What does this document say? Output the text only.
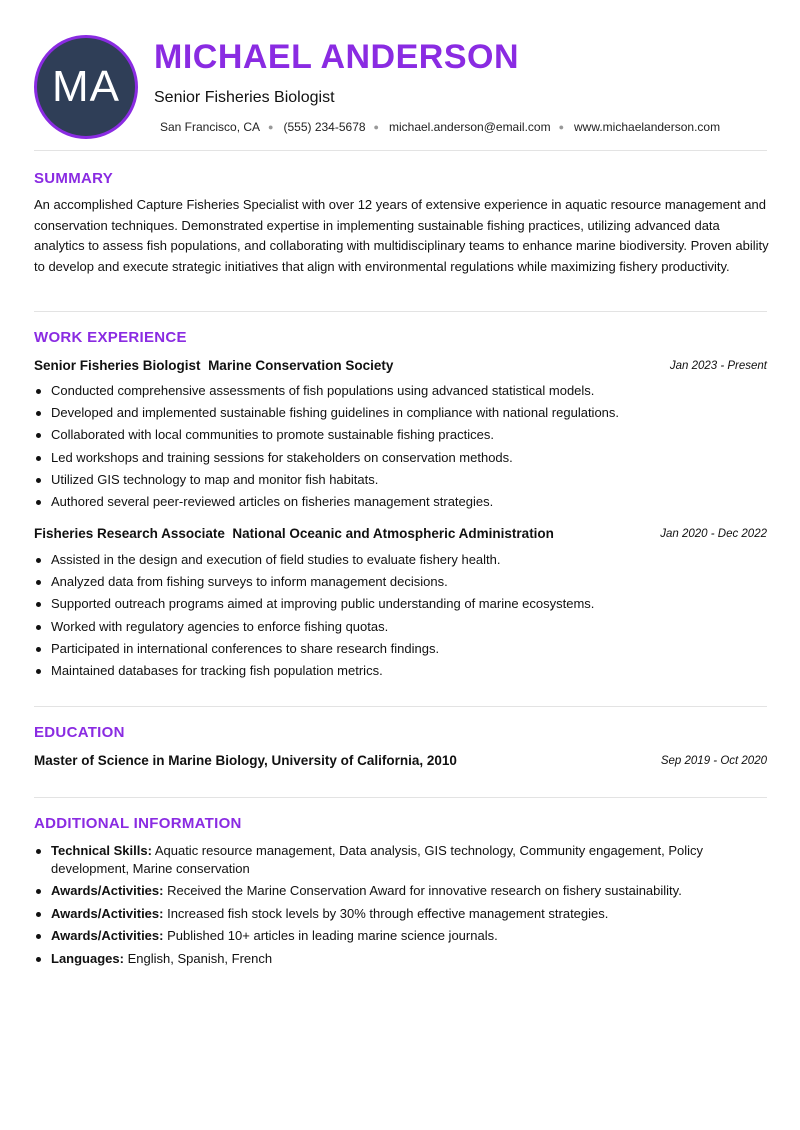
MA
MICHAEL ANDERSON
Senior Fisheries Biologist
San Francisco, CA ● (555) 234-5678 ● michael.anderson@email.com ● www.michaelanderson.com
SUMMARY
An accomplished Capture Fisheries Specialist with over 12 years of extensive experience in aquatic resource management and conservation techniques. Demonstrated expertise in implementing sustainable fishing practices, utilizing advanced data analytics to assess fish populations, and collaborating with multidisciplinary teams to enhance marine biodiversity. Proven ability to develop and execute strategic initiatives that align with environmental regulations while maximizing fishery productivity.
WORK EXPERIENCE
Senior Fisheries Biologist Marine Conservation Society	Jan 2023 - Present
Conducted comprehensive assessments of fish populations using advanced statistical models.
Developed and implemented sustainable fishing guidelines in compliance with national regulations.
Collaborated with local communities to promote sustainable fishing practices.
Led workshops and training sessions for stakeholders on conservation methods.
Utilized GIS technology to map and monitor fish habitats.
Authored several peer-reviewed articles on fisheries management strategies.
Fisheries Research Associate National Oceanic and Atmospheric Administration	Jan 2020 - Dec 2022
Assisted in the design and execution of field studies to evaluate fishery health.
Analyzed data from fishing surveys to inform management decisions.
Supported outreach programs aimed at improving public understanding of marine ecosystems.
Worked with regulatory agencies to enforce fishing quotas.
Participated in international conferences to share research findings.
Maintained databases for tracking fish population metrics.
EDUCATION
Master of Science in Marine Biology, University of California, 2010	Sep 2019 - Oct 2020
ADDITIONAL INFORMATION
Technical Skills: Aquatic resource management, Data analysis, GIS technology, Community engagement, Policy development, Marine conservation
Awards/Activities: Received the Marine Conservation Award for innovative research on fishery sustainability.
Awards/Activities: Increased fish stock levels by 30% through effective management strategies.
Awards/Activities: Published 10+ articles in leading marine science journals.
Languages: English, Spanish, French
